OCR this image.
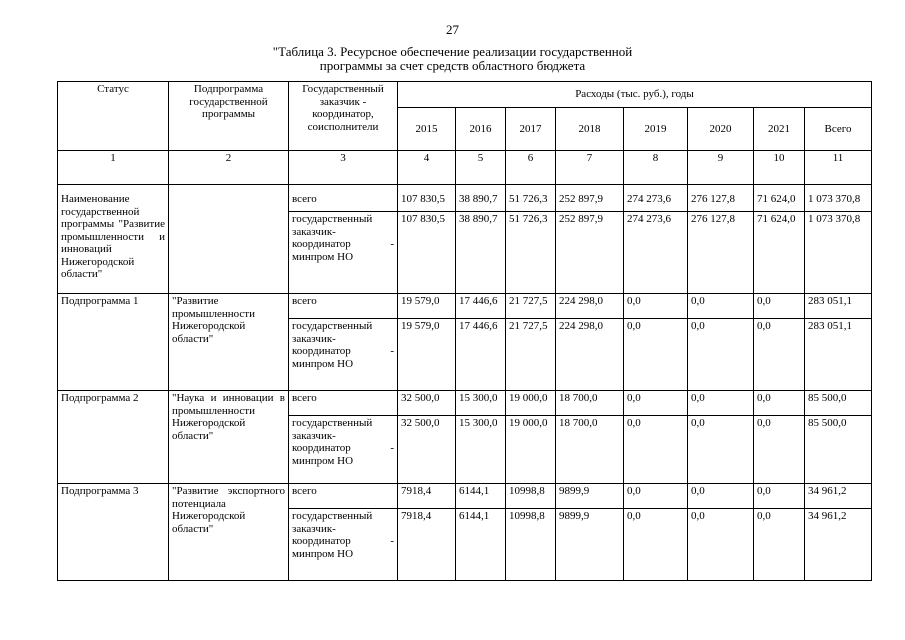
27
"Таблица 3. Ресурсное обеспечение реализации государственной
программы за счет средств областного бюджета
Статус	Подпрограмма государственной программы	Государственный заказчик - координатор, соисполнители	Расходы (тыс. руб.), годы							
			2015	2016	2017	2018	2019	2020	2021	Всего
1	2	3	4	5	6	7	8	9	10	11
Наименование государственной программы "Развитие промышленности и инноваций Нижегородской области"		всего	107 830,5	38 890,7	51 726,3	252 897,9	274 273,6	276 127,8	71 624,0	1 073 370,8
		государственный заказчик-координатор - минпром НО	107 830,5	38 890,7	51 726,3	252 897,9	274 273,6	276 127,8	71 624,0	1 073 370,8
Подпрограмма 1	"Развитие промышленности Нижегородской области"	всего	19 579,0	17 446,6	21 727,5	224 298,0	0,0	0,0	0,0	283 051,1
		государственный заказчик-координатор - минпром НО	19 579,0	17 446,6	21 727,5	224 298,0	0,0	0,0	0,0	283 051,1
Подпрограмма 2	"Наука и инновации в промышленности Нижегородской области"	всего	32 500,0	15 300,0	19 000,0	18 700,0	0,0	0,0	0,0	85 500,0
		государственный заказчик-координатор - минпром НО	32 500,0	15 300,0	19 000,0	18 700,0	0,0	0,0	0,0	85 500,0
Подпрограмма 3	"Развитие экспортного потенциала Нижегородской области"	всего	7918,4	6144,1	10998,8	9899,9	0,0	0,0	0,0	34 961,2
		государственный заказчик-координатор - минпром НО	7918,4	6144,1	10998,8	9899,9	0,0	0,0	0,0	34 961,2
